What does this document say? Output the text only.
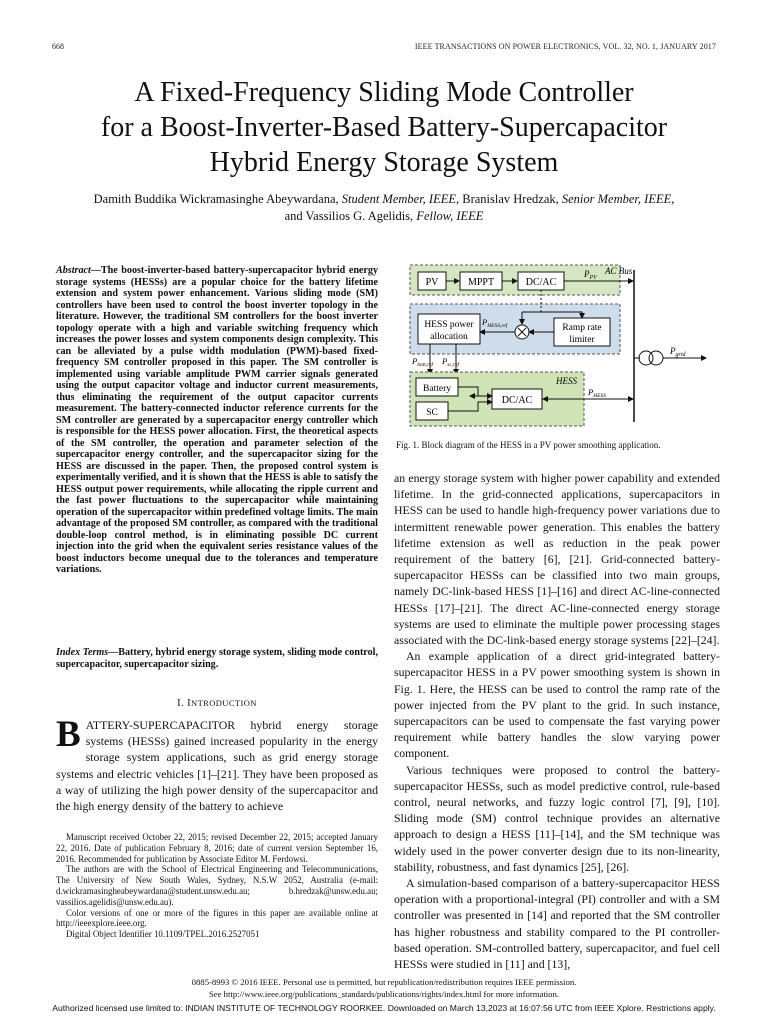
668	IEEE TRANSACTIONS ON POWER ELECTRONICS, VOL. 32, NO. 1, JANUARY 2017
A Fixed-Frequency Sliding Mode Controller
for a Boost-Inverter-Based Battery-Supercapacitor
Hybrid Energy Storage System
Damith Buddika Wickramasinghe Abeywardana, Student Member, IEEE, Branislav Hredzak, Senior Member, IEEE,
and Vassilios G. Agelidis, Fellow, IEEE
Abstract—The boost-inverter-based battery-supercapacitor hybrid energy storage systems (HESSs) are a popular choice for the battery lifetime extension and system power enhancement. Various sliding mode (SM) controllers have been used to control the boost inverter topology in the literature. However, the traditional SM controllers for the boost inverter topology operate with a high and variable switching frequency which increases the power losses and system components design complexity. This can be alleviated by a pulse width modulation (PWM)-based fixed-frequency SM controller proposed in this paper. The SM controller is implemented using variable amplitude PWM carrier signals generated using the output capacitor voltage and inductor current measurements, thus eliminating the requirement of the output capacitor currents measurement. The battery-connected inductor reference currents for the SM controller are generated by a supercapacitor energy controller which is responsible for the HESS power allocation. First, the theoretical aspects of the SM controller, the operation and parameter selection of the supercapacitor energy controller, and the supercapacitor sizing for the HESS are discussed in the paper. Then, the proposed control system is experimentally verified, and it is shown that the HESS is able to satisfy the HESS output power requirements, while allocating the ripple current and the fast power fluctuations to the supercapacitor while maintaining operation of the supercapacitor within predefined voltage limits. The main advantage of the proposed SM controller, as compared with the traditional double-loop control method, is in eliminating possible DC current injection into the grid when the equivalent series resistance values of the boost inductors become unequal due to the tolerances and temperature variations.
Index Terms—Battery, hybrid energy storage system, sliding mode control, supercapacitor, supercapacitor sizing.
I. INTRODUCTION
BATTERY-SUPERCAPACITOR hybrid energy storage systems (HESSs) gained increased popularity in the energy storage system applications, such as grid energy storage systems and electric vehicles [1]–[21]. They have been proposed as a way of utilizing the high power density of the supercapacitor and the high energy density of the battery to achieve

Manuscript received October 22, 2015; revised December 22, 2015; accepted January 22, 2016. Date of publication February 8, 2016; date of current version September 16, 2016. Recommended for publication by Associate Editor M. Ferdowsi.

The authors are with the School of Electrical Engineering and Telecommunications, The University of New South Wales, Sydney, N.S.W 2052, Australia (e-mail: d.wickramasingheabeywardana@student.unsw.edu.au; b.hredzak@unsw.edu.au; vassilios.agelidis@unsw.edu.au).

Color versions of one or more of the figures in this paper are available online at http://ieeexplore.ieee.org.

Digital Object Identifier 10.1109/TPEL.2016.2527051

PV	MPPT	DC/AC
$P_{PV}$
AC Bus
HESS power
allocation
Ramp rate
limiter
$P_{HESS,ref}$
$P_{batt,ref}$ $P_{sc,ref}$
Battery
SC
DC/AC
HESS
$P_{HESS}$
$P_{grid}$
Fig. 1. Block diagram of the HESS in a PV power smoothing application.

an energy storage system with higher power capability and extended lifetime. In the grid-connected applications, supercapacitors in HESS can be used to handle high-frequency power variations due to intermittent renewable power generation. This enables the battery lifetime extension as well as reduction in the peak power requirement of the battery [6], [21]. Grid-connected battery-supercapacitor HESSs can be classified into two main groups, namely DC-link-based HESS [1]–[16] and direct AC-line-connected HESSs [17]–[21]. The direct AC-line-connected energy storage systems are used to eliminate the multiple power processing stages associated with the DC-link-based energy storage systems [22]–[24].

An example application of a direct grid-integrated battery-supercapacitor HESS in a PV power smoothing system is shown in Fig. 1. Here, the HESS can be used to control the ramp rate of the power injected from the PV plant to the grid. In such instance, supercapacitors can be used to compensate the fast varying power requirement while battery handles the slow varying power component.

Various techniques were proposed to control the battery-supercapacitor HESSs, such as model predictive control, rule-based control, neural networks, and fuzzy logic control [7], [9], [10]. Sliding mode (SM) control technique provides an alternative approach to design a HESS [11]–[14], and the SM technique was widely used in the power converter design due to its non-linearity, stability, robustness, and fast dynamics [25], [26].

A simulation-based comparison of a battery-supercapacitor HESS operation with a proportional-integral (PI) controller and with a SM controller was presented in [14] and reported that the SM controller has higher robustness and stability compared to the PI controller-based operation. SM-controlled battery, supercapacitor, and fuel cell HESSs were studied in [11] and [13],

0885-8993 © 2016 IEEE. Personal use is permitted, but republication/redistribution requires IEEE permission.
See http://www.ieee.org/publications_standards/publications/rights/index.html for more information.
Authorized licensed use limited to: INDIAN INSTITUTE OF TECHNOLOGY ROORKEE. Downloaded on March 13,2023 at 16:07:56 UTC from IEEE Xplore. Restrictions apply.
